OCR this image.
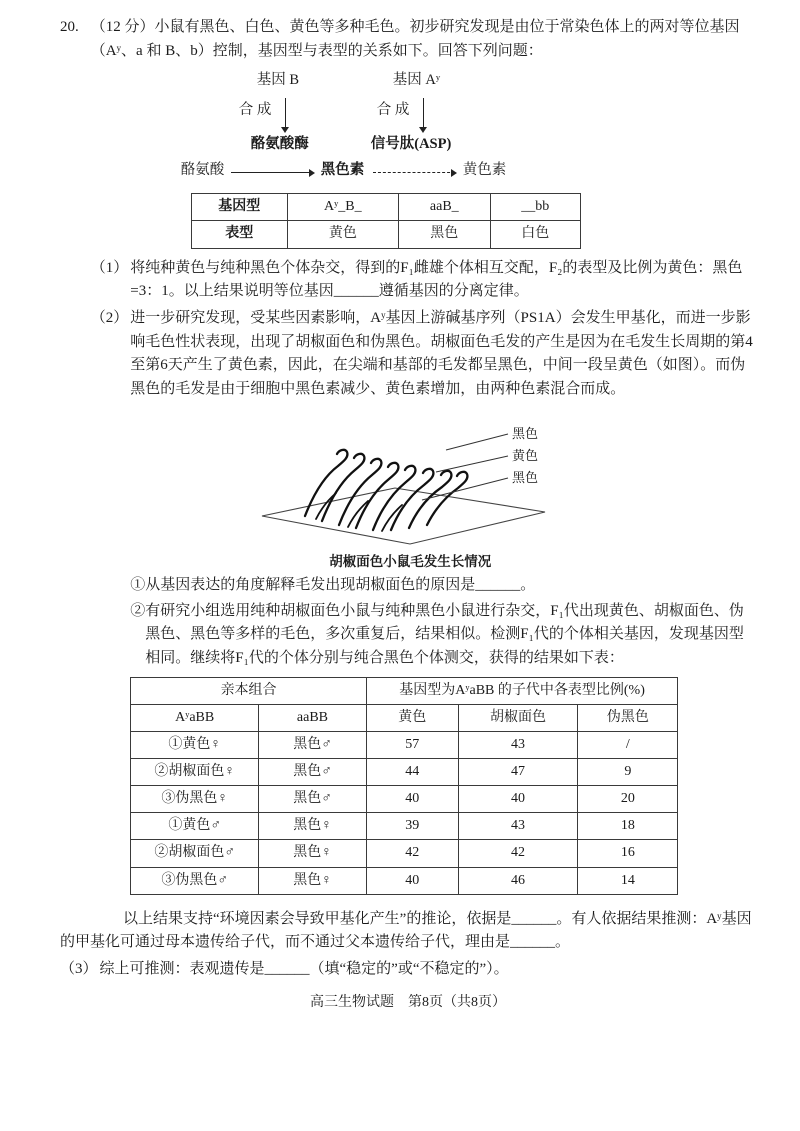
20. （12 分）小鼠有黑色、白色、黄色等多种毛色。初步研究发现是由位于常染色体上的两对等位基因（Aʸ、a 和 B、b）控制，基因型与表型的关系如下。回答下列问题：
基因 B	基因 Aʸ
合 成	合 成
酪氨酸酶	信号肽(ASP)
酪氨酸	黑色素	黄色素
基因型	Aʸ_B_	aaB_	__bb
表型	黄色	黑色	白色
（1） 将纯种黄色与纯种黑色个体杂交，得到的F₁雌雄个体相互交配，F₂的表型及比例为黄色：黑色=3：1。以上结果说明等位基因______遵循基因的分离定律。
（2） 进一步研究发现，受某些因素影响，Aʸ基因上游碱基序列（PS1A）会发生甲基化，而进一步影响毛色性状表现，出现了胡椒面色和伪黑色。胡椒面色毛发的产生是因为在毛发生长周期的第4至第6天产生了黄色素，因此，在尖端和基部的毛发都呈黑色，中间一段呈黄色（如图）。而伪黑色的毛发是由于细胞中黑色素减少、黄色素增加，由两种色素混合而成。
黑色
黄色
黑色
胡椒面色小鼠毛发生长情况
①从基因表达的角度解释毛发出现胡椒面色的原因是______。
②有研究小组选用纯种胡椒面色小鼠与纯种黑色小鼠进行杂交，F₁代出现黄色、胡椒面色、伪黑色、黑色等多样的毛色，多次重复后，结果相似。检测F₁代的个体相关基因，发现基因型相同。继续将F₁代的个体分别与纯合黑色个体测交，获得的结果如下表：
亲本组合		基因型为AʸaBB 的子代中各表型比例(%)		
AʸaBB	aaBB	黄色	胡椒面色	伪黑色
①黄色♀	黑色♂	57	43	/
②胡椒面色♀	黑色♂	44	47	9
③伪黑色♀	黑色♂	40	40	20
①黄色♂	黑色♀	39	43	18
②胡椒面色♂	黑色♀	42	42	16
③伪黑色♂	黑色♀	40	46	14
以上结果支持“环境因素会导致甲基化产生”的推论，依据是______。有人依据结果推测：Aʸ基因的甲基化可通过母本遗传给子代，而不通过父本遗传给子代，理由是______。
（3） 综上可推测：表观遗传是______（填“稳定的”或“不稳定的”）。
高三生物试题　第8页（共8页）
